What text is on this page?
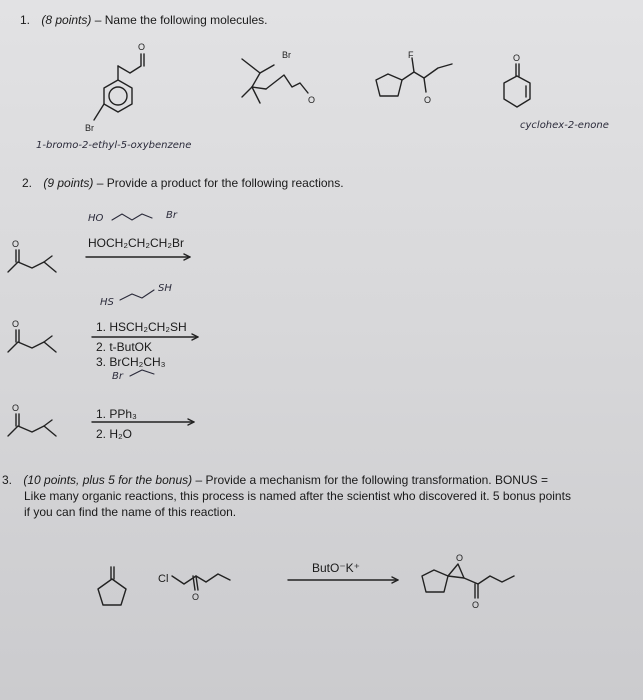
1. (8 points) – Name the following molecules.
O
Br
Br
O
F
O
O
1-bromo-2-ethyl-5-oxybenzene
cyclohex-2-enone
2. (9 points) – Provide a product for the following reactions.
O
HO	Br
HOCH₂CH₂CH₂Br
HS
SH
O	1. HSCH₂CH₂SH
2. t-ButOK
3. BrCH₂CH₃
Br
O	1. PPh₃
2. H₂O
3. (10 points, plus 5 for the bonus) – Provide a mechanism for the following transformation. BONUS =
Like many organic reactions, this process is named after the scientist who discovered it. 5 bonus points
if you can find the name of this reaction.
Cl
O
ButO⁻K⁺
O
O
